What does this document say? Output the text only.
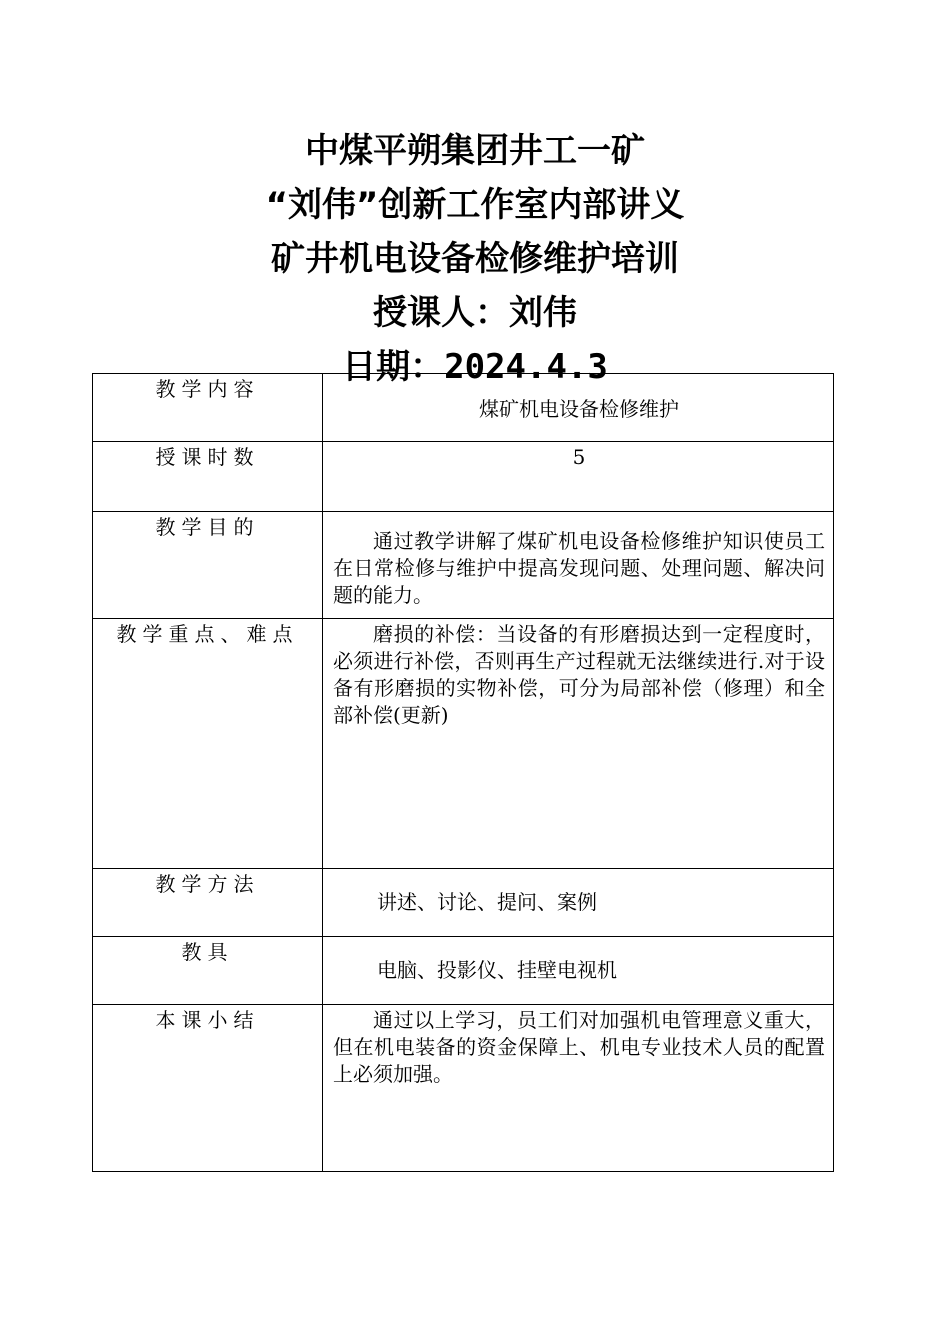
中煤平朔集团井工一矿
“刘伟”创新工作室内部讲义
矿井机电设备检修维护培训
授课人：刘伟
日期：2024.4.3
教学内容	煤矿机电设备检修维护

授课时数	5

教学目的	通过教学讲解了煤矿机电设备检修维护知识使员工在日常检修与维护中提高发现问题、处理问题、解决问题的能力。

教学重点、难点	磨损的补偿：当设备的有形磨损达到一定程度时，必须进行补偿，否则再生产过程就无法继续进行.对于设备有形磨损的实物补偿，可分为局部补偿（修理）和全部补偿(更新)

教学方法	讲述、讨论、提问、案例

教具	电脑、投影仪、挂壁电视机

本课小结	通过以上学习，员工们对加强机电管理意义重大，但在机电装备的资金保障上、机电专业技术人员的配置上必须加强。
